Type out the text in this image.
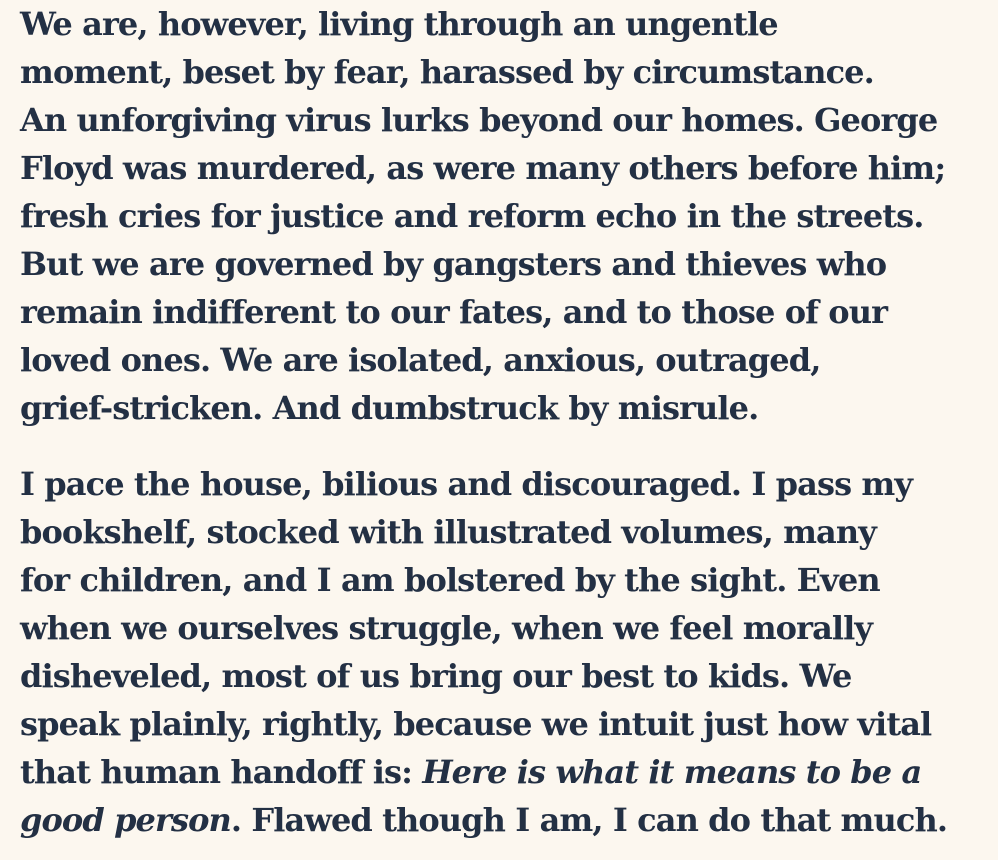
We are, however, living through an ungentle
moment, beset by fear, harassed by circumstance.
An unforgiving virus lurks beyond our homes. George
Floyd was murdered, as were many others before him;
fresh cries for justice and reform echo in the streets.
But we are governed by gangsters and thieves who
remain indifferent to our fates, and to those of our
loved ones. We are isolated, anxious, outraged,
grief-stricken. And dumbstruck by misrule.

I pace the house, bilious and discouraged. I pass my
bookshelf, stocked with illustrated volumes, many
for children, and I am bolstered by the sight. Even
when we ourselves struggle, when we feel morally
disheveled, most of us bring our best to kids. We
speak plainly, rightly, because we intuit just how vital
that human handoff is: Here is what it means to be a
good person. Flawed though I am, I can do that much.
